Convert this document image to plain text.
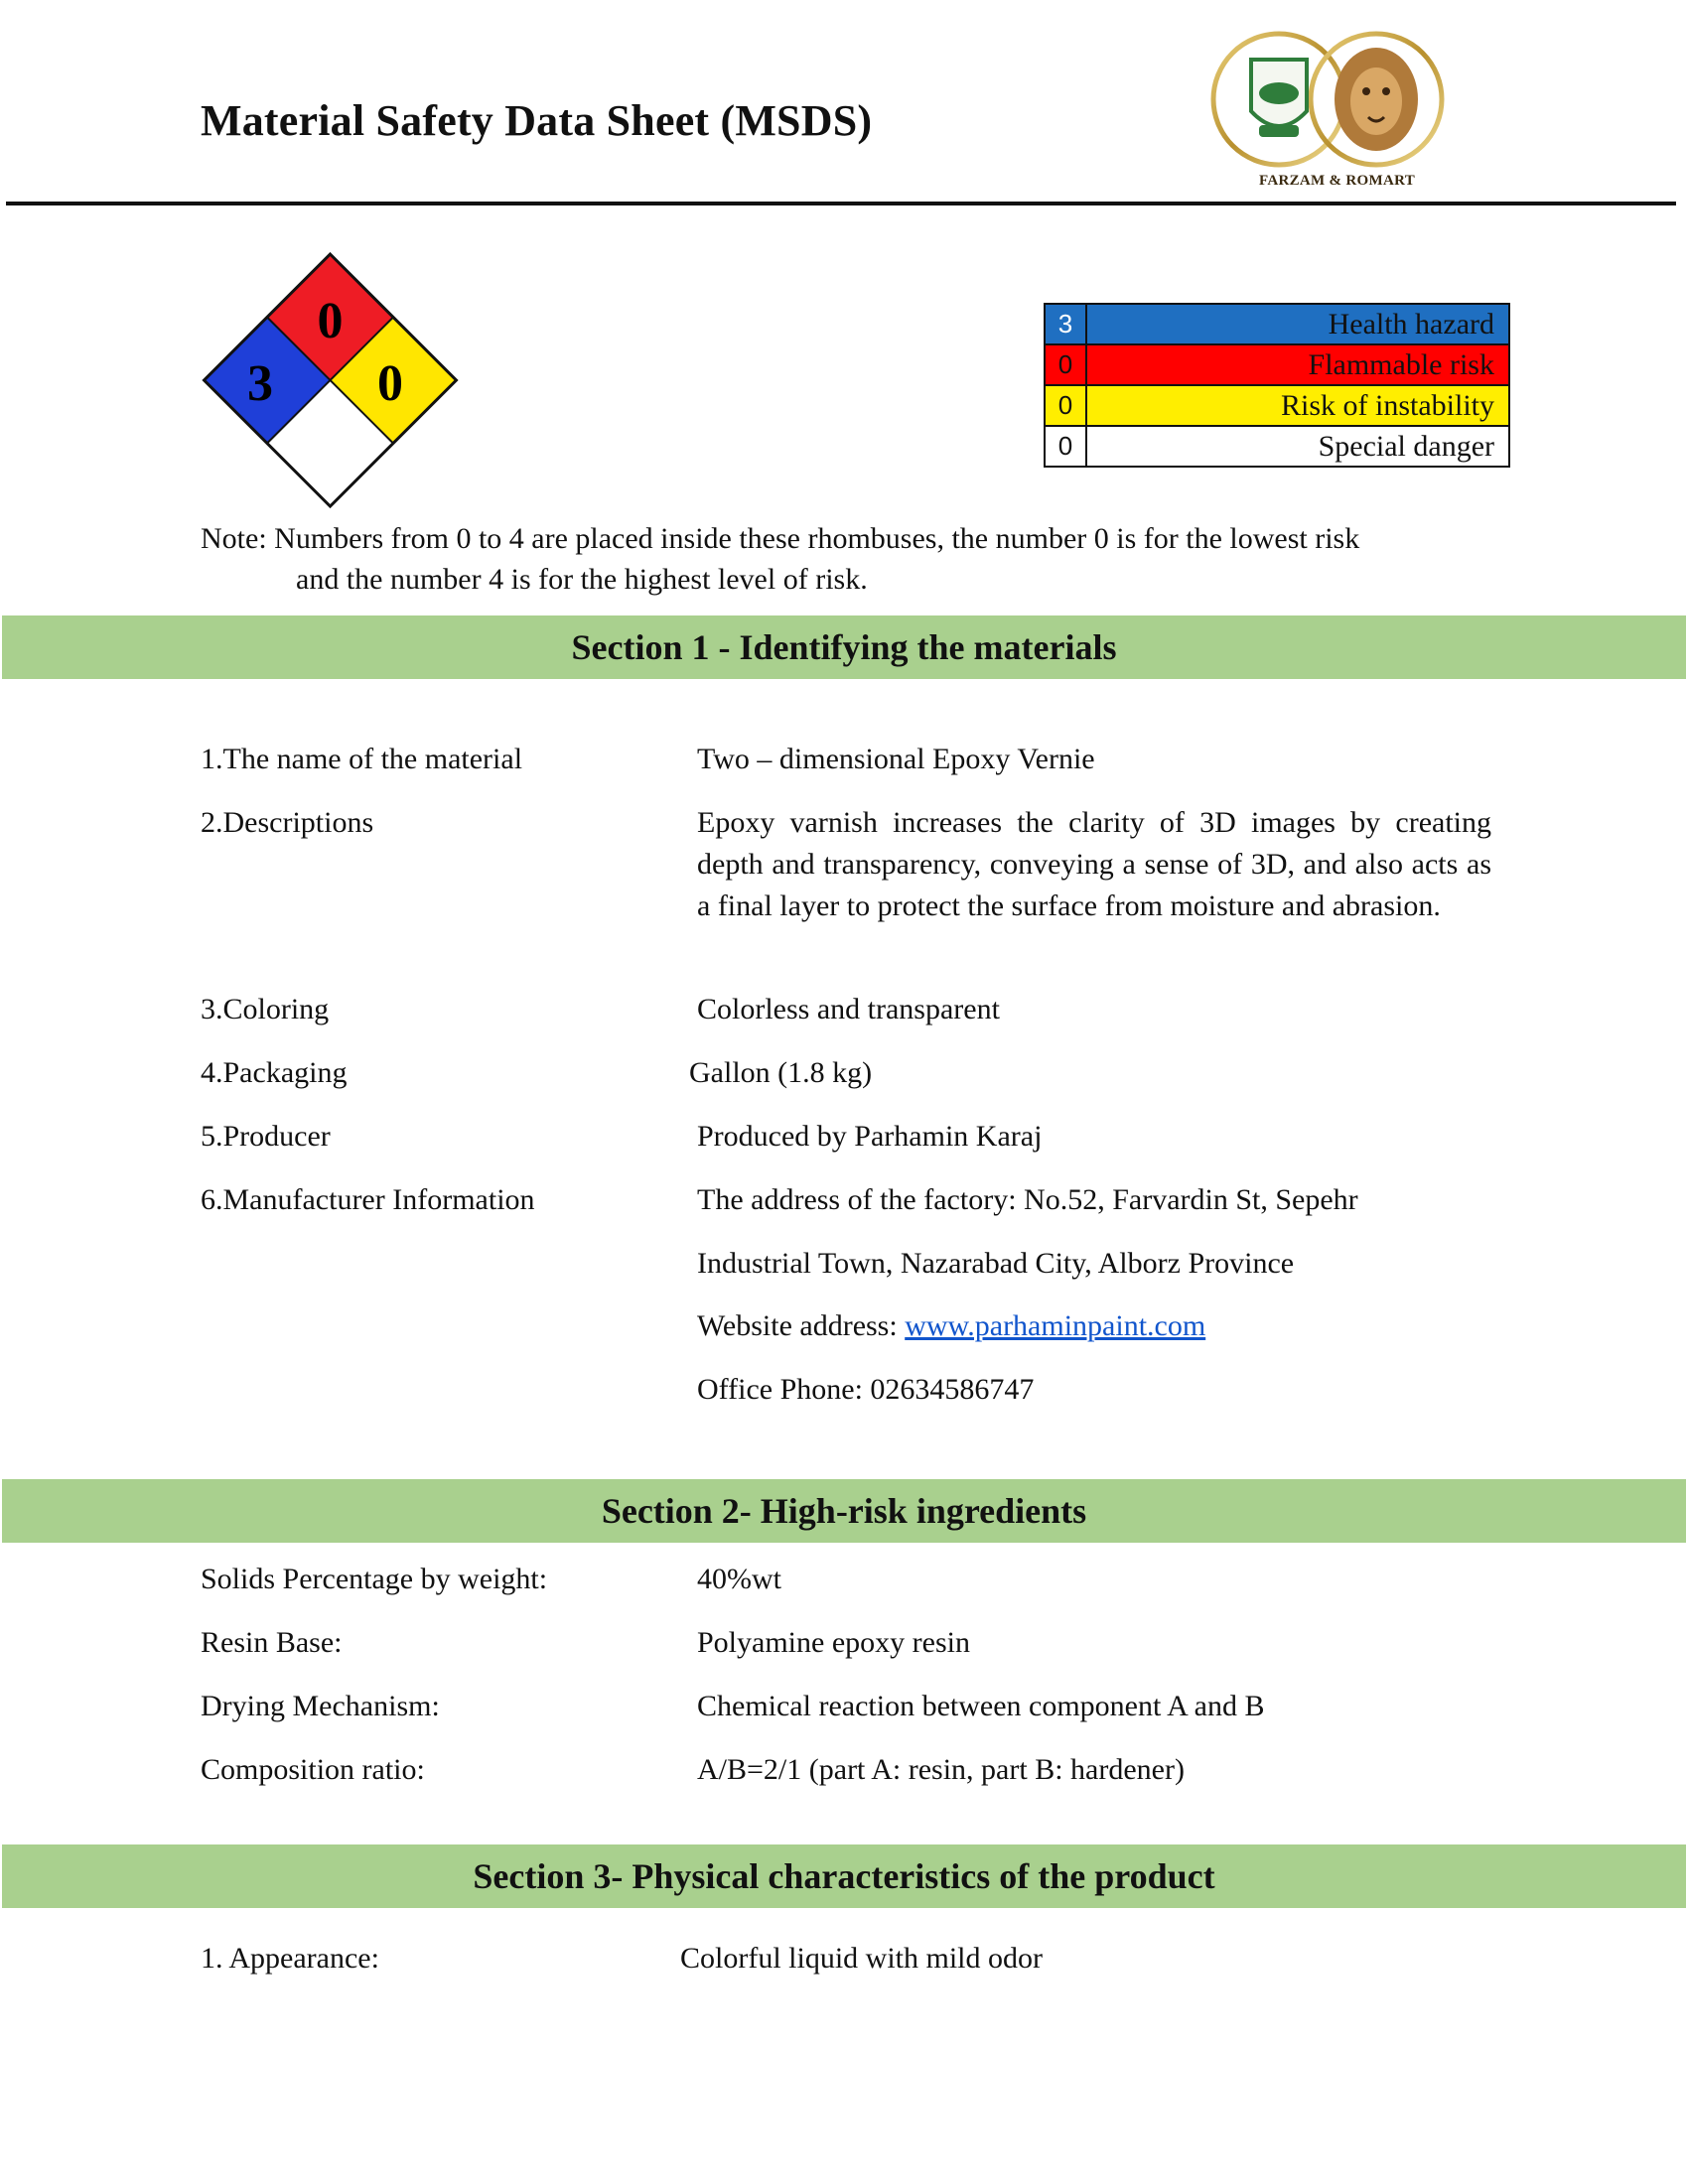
Material Safety Data Sheet (MSDS)
FARZAM & ROMART
0
3 0
3	Health hazard
0	Flammable risk
0	Risk of instability
0	Special danger
Note: Numbers from 0 to 4 are placed inside these rhombuses, the number 0 is for the lowest risk
and the number 4 is for the highest level of risk.
Section 1 - Identifying the materials
1.The name of the material	Two – dimensional Epoxy Vernie
2.Descriptions	Epoxy varnish increases the clarity of 3D images by creating depth and transparency, conveying a sense of 3D, and also acts as a final layer to protect the surface from moisture and abrasion.
3.Coloring	Colorless and transparent
4.Packaging	Gallon (1.8 kg)
5.Producer	Produced by Parhamin Karaj
6.Manufacturer Information	The address of the factory: No.52, Farvardin St, Sepehr
Industrial Town, Nazarabad City, Alborz Province
Website address: www.parhaminpaint.com
Office Phone: 02634586747
Section 2- High-risk ingredients
Solids Percentage by weight:	40%wt
Resin Base:	Polyamine epoxy resin
Drying Mechanism:	Chemical reaction between component A and B
Composition ratio:	A/B=2/1 (part A: resin, part B: hardener)
Section 3- Physical characteristics of the product
1. Appearance:	Colorful liquid with mild odor
